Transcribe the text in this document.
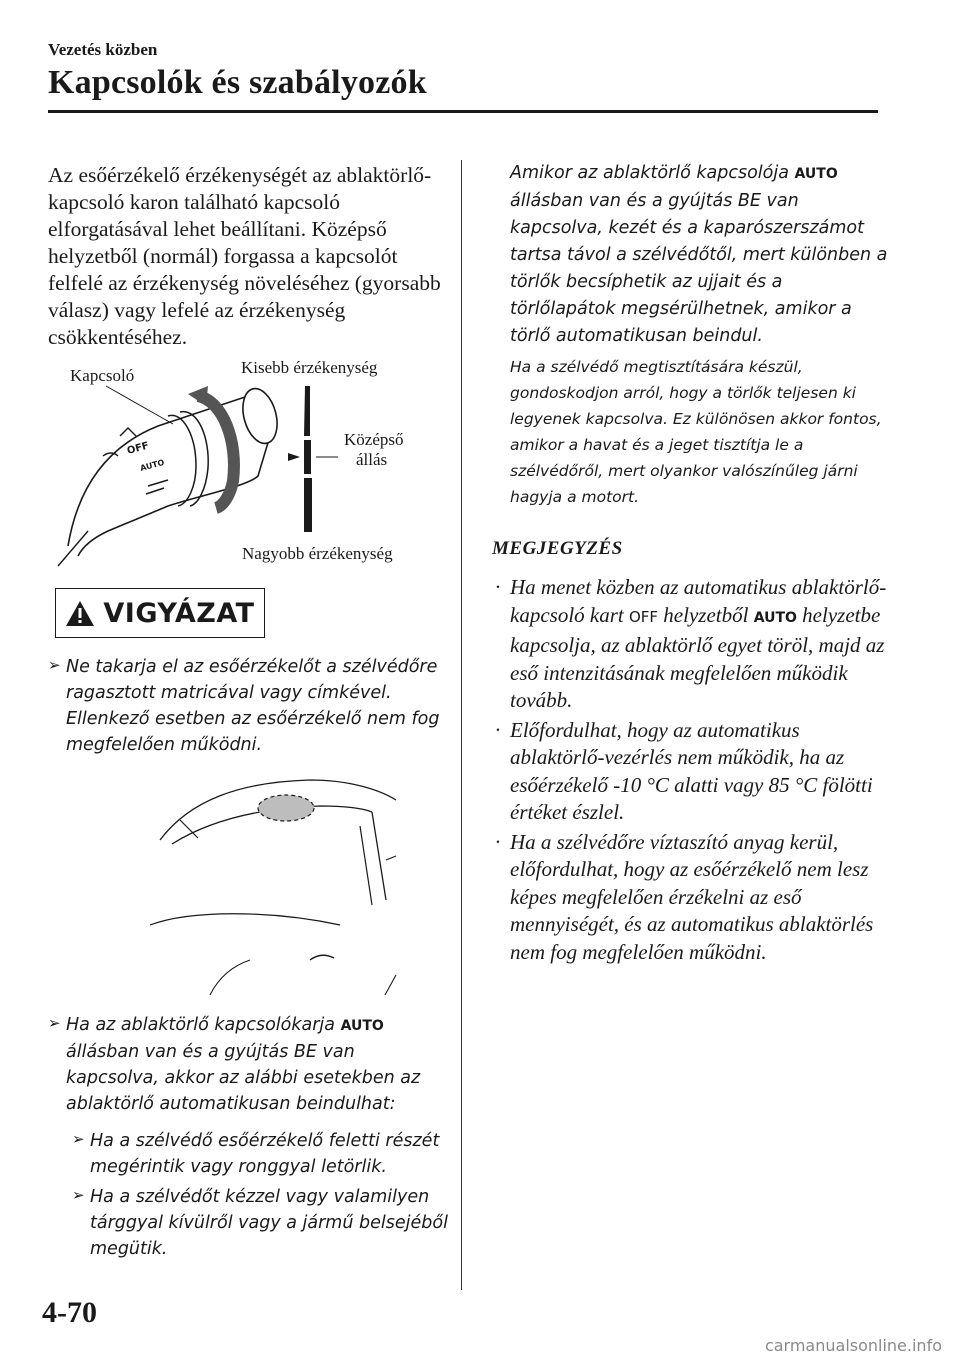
Vezetés közben
Kapcsolók és szabályozók

Az esőérzékelő érzékenységét az ablaktörlő-kapcsoló karon található kapcsoló elforgatásával lehet beállítani. Középső helyzetből (normál) forgassa a kapcsolót felfelé az érzékenység növeléséhez (gyorsabb válasz) vagy lefelé az érzékenység csökkentéséhez.

OFF
AUTO
Kapcsoló	Kisebb érzékenység
Középső
állás
Nagyobb érzékenység
VIGYÁZAT
➢ Ne takarja el az esőérzékelőt a szélvédőre ragasztott matricával vagy címkével. Ellenkező esetben az esőérzékelő nem fog megfelelően működni.
➢ Ha az ablaktörlő kapcsolókarja AUTO állásban van és a gyújtás BE van kapcsolva, akkor az alábbi esetekben az ablaktörlő automatikusan beindulhat:
➢ Ha a szélvédő esőérzékelő feletti részét megérintik vagy ronggyal letörlik.
➢ Ha a szélvédőt kézzel vagy valamilyen tárggyal kívülről vagy a jármű belsejéből megütik.

Amikor az ablaktörlő kapcsolója AUTO állásban van és a gyújtás BE van kapcsolva, kezét és a kaparószerszámot tartsa távol a szélvédőtől, mert különben a törlők becsíphetik az ujjait és a törlőlapátok megsérülhetnek, amikor a törlő automatikusan beindul.

Ha a szélvédő megtisztítására készül, gondoskodjon arról, hogy a törlők teljesen ki legyenek kapcsolva. Ez különösen akkor fontos, amikor a havat és a jeget tisztítja le a szélvédőről, mert olyankor valószínűleg járni hagyja a motort.

MEGJEGYZÉS
· Ha menet közben az automatikus ablaktörlő-kapcsoló kart OFF helyzetből AUTO helyzetbe kapcsolja, az ablaktörlő egyet töröl, majd az eső intenzitásának megfelelően működik tovább.
· Előfordulhat, hogy az automatikus ablaktörlő-vezérlés nem működik, ha az esőérzékelő -10 °C alatti vagy 85 °C fölötti értéket észlel.
· Ha a szélvédőre víztaszító anyag kerül, előfordulhat, hogy az esőérzékelő nem lesz képes megfelelően érzékelni az eső mennyiségét, és az automatikus ablaktörlés nem fog megfelelően működni.
4-70
carmanualsonline.info
